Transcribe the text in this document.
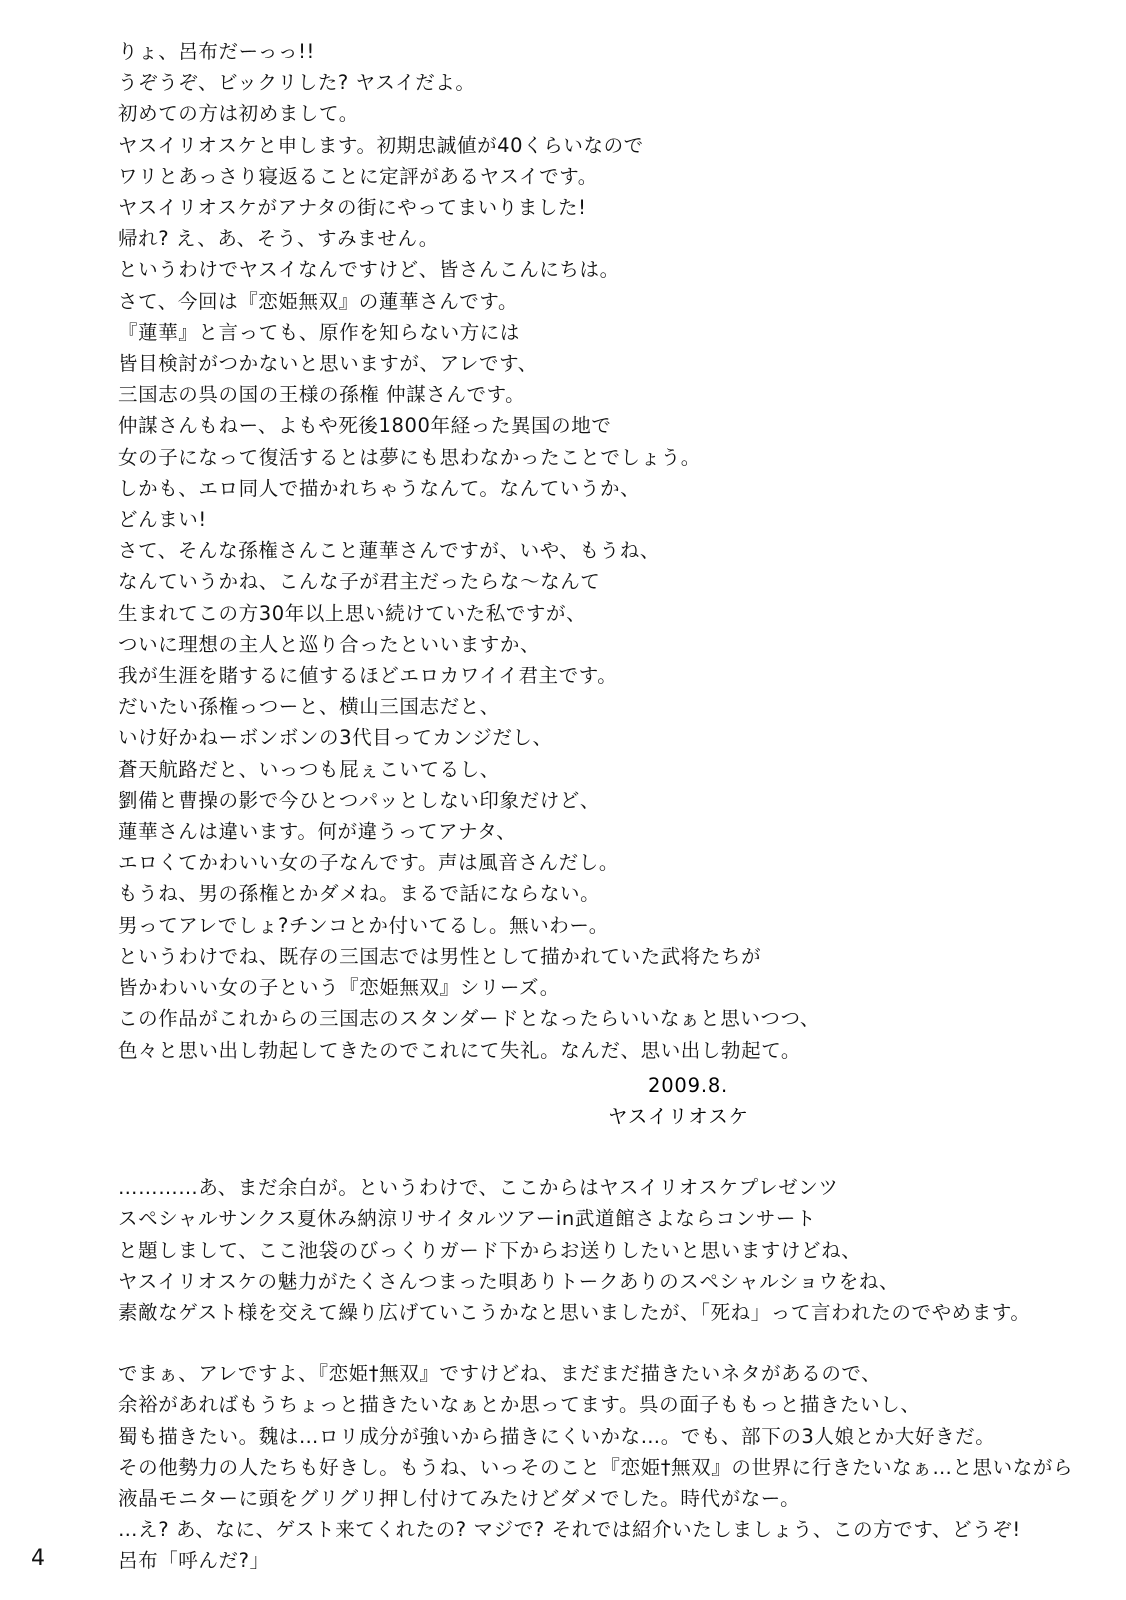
りょ、呂布だーっっ!!
うぞうぞ、ビックリした? ヤスイだよ。
初めての方は初めまして。
ヤスイリオスケと申します。初期忠誠値が40くらいなので
ワリとあっさり寝返ることに定評があるヤスイです。
ヤスイリオスケがアナタの街にやってまいりました!
帰れ? え、あ、そう、すみません。
というわけでヤスイなんですけど、皆さんこんにちは。
さて、今回は『恋姫無双』の蓮華さんです。
『蓮華』と言っても、原作を知らない方には
皆目検討がつかないと思いますが、アレです、
三国志の呉の国の王様の孫権 仲謀さんです。
仲謀さんもねー、よもや死後1800年経った異国の地で
女の子になって復活するとは夢にも思わなかったことでしょう。
しかも、エロ同人で描かれちゃうなんて。なんていうか、
どんまい!
さて、そんな孫権さんこと蓮華さんですが、いや、もうね、
なんていうかね、こんな子が君主だったらな～なんて
生まれてこの方30年以上思い続けていた私ですが、
ついに理想の主人と巡り合ったといいますか、
我が生涯を賭するに値するほどエロカワイイ君主です。
だいたい孫権っつーと、横山三国志だと、
いけ好かねーボンボンの3代目ってカンジだし、
蒼天航路だと、いっつも屁ぇこいてるし、
劉備と曹操の影で今ひとつパッとしない印象だけど、
蓮華さんは違います。何が違うってアナタ、
エロくてかわいい女の子なんです。声は風音さんだし。
もうね、男の孫権とかダメね。まるで話にならない。
男ってアレでしょ?チンコとか付いてるし。無いわー。
というわけでね、既存の三国志では男性として描かれていた武将たちが
皆かわいい女の子という『恋姫無双』シリーズ。
この作品がこれからの三国志のスタンダードとなったらいいなぁと思いつつ、
色々と思い出し勃起してきたのでこれにて失礼。なんだ、思い出し勃起て。
2009.8.
ヤスイリオスケ
…………あ、まだ余白が。というわけで、ここからはヤスイリオスケプレゼンツ
スペシャルサンクス夏休み納涼リサイタルツアーin武道館さよならコンサート
と題しまして、ここ池袋のびっくりガード下からお送りしたいと思いますけどね、
ヤスイリオスケの魅力がたくさんつまった唄ありトークありのスペシャルショウをね、
素敵なゲスト様を交えて繰り広げていこうかなと思いましたが、「死ね」って言われたのでやめます。
でまぁ、アレですよ、『恋姫†無双』ですけどね、まだまだ描きたいネタがあるので、
余裕があればもうちょっと描きたいなぁとか思ってます。呉の面子ももっと描きたいし、
蜀も描きたい。魏は…ロリ成分が強いから描きにくいかな…。でも、部下の3人娘とか大好きだ。
その他勢力の人たちも好きし。もうね、いっそのこと『恋姫†無双』の世界に行きたいなぁ…と思いながら
液晶モニターに頭をグリグリ押し付けてみたけどダメでした。時代がなー。
…え? あ、なに、ゲスト来てくれたの? マジで? それでは紹介いたしましょう、この方です、どうぞ!
呂布「呼んだ?」
4
